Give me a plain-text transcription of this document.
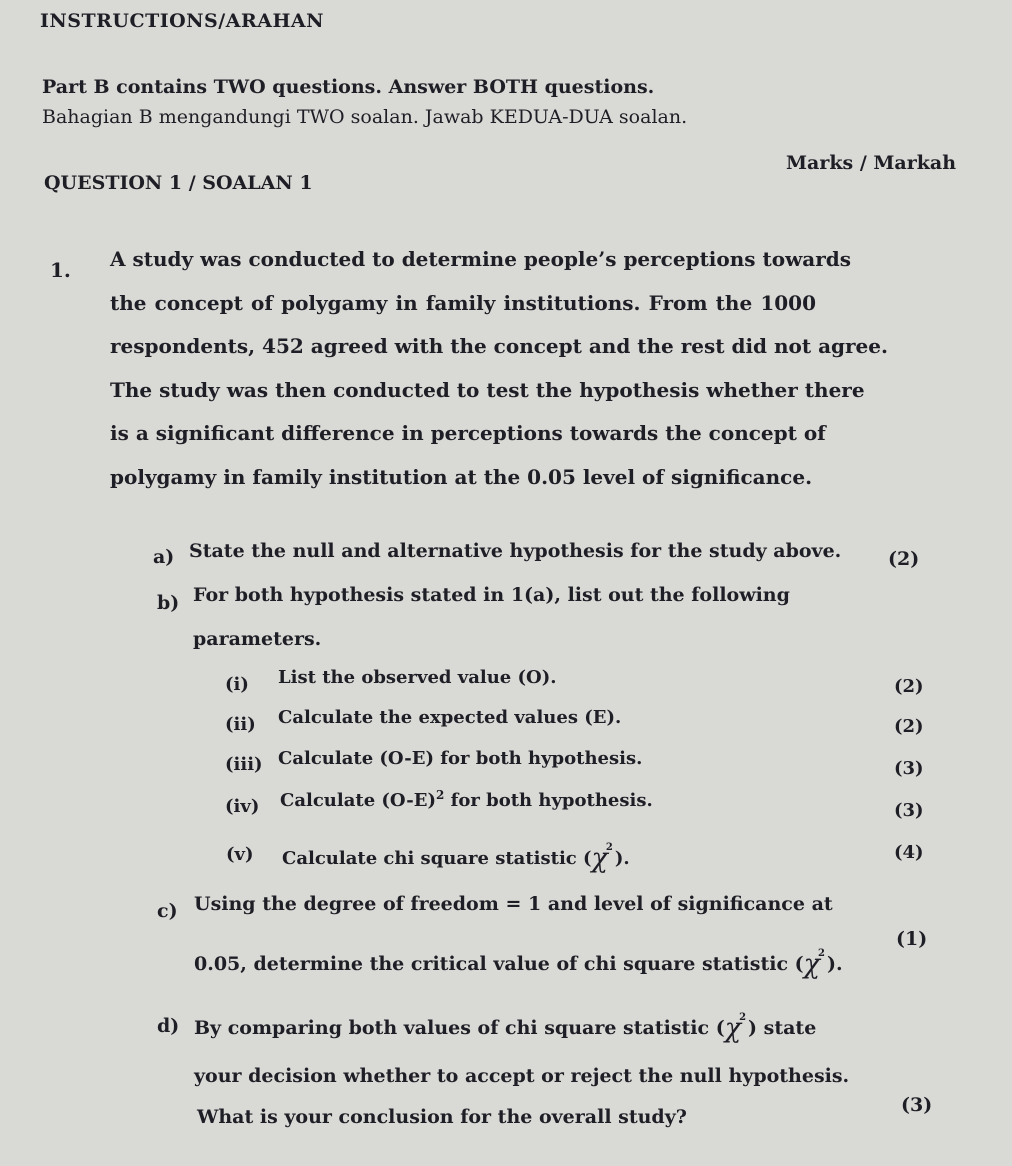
INSTRUCTIONS/ARAHAN
Part B contains TWO questions. Answer BOTH questions.
Bahagian B mengandungi TWO soalan. Jawab KEDUA-DUA soalan.
QUESTION 1 / SOALAN 1
Marks / Markah
1. A study was conducted to determine people’s perceptions towards
the concept of polygamy in family institutions. From the 1000
respondents, 452 agreed with the concept and the rest did not agree.
The study was then conducted to test the hypothesis whether there
is a significant difference in perceptions towards the concept of
polygamy in family institution at the 0.05 level of significance.
a) State the null and alternative hypothesis for the study above. (2)
b) For both hypothesis stated in 1(a), list out the following
parameters.
(i) List the observed value (O).	(2)
(ii) Calculate the expected values (E).	(2)
(iii) Calculate (O-E) for both hypothesis.	(3)
(iv) Calculate $(O-E)^2$ for both hypothesis.	(3)
(v) Calculate chi square statistic $(\chi^2)$.	(4)
c) Using the degree of freedom = 1 and level of significance at
0.05, determine the critical value of chi square statistic ($\chi^2$ ).
(1)
d) By comparing both values of chi square statistic ($\chi^2$ ) state
your decision whether to accept or reject the null hypothesis.
What is your conclusion for the overall study?
(3)
